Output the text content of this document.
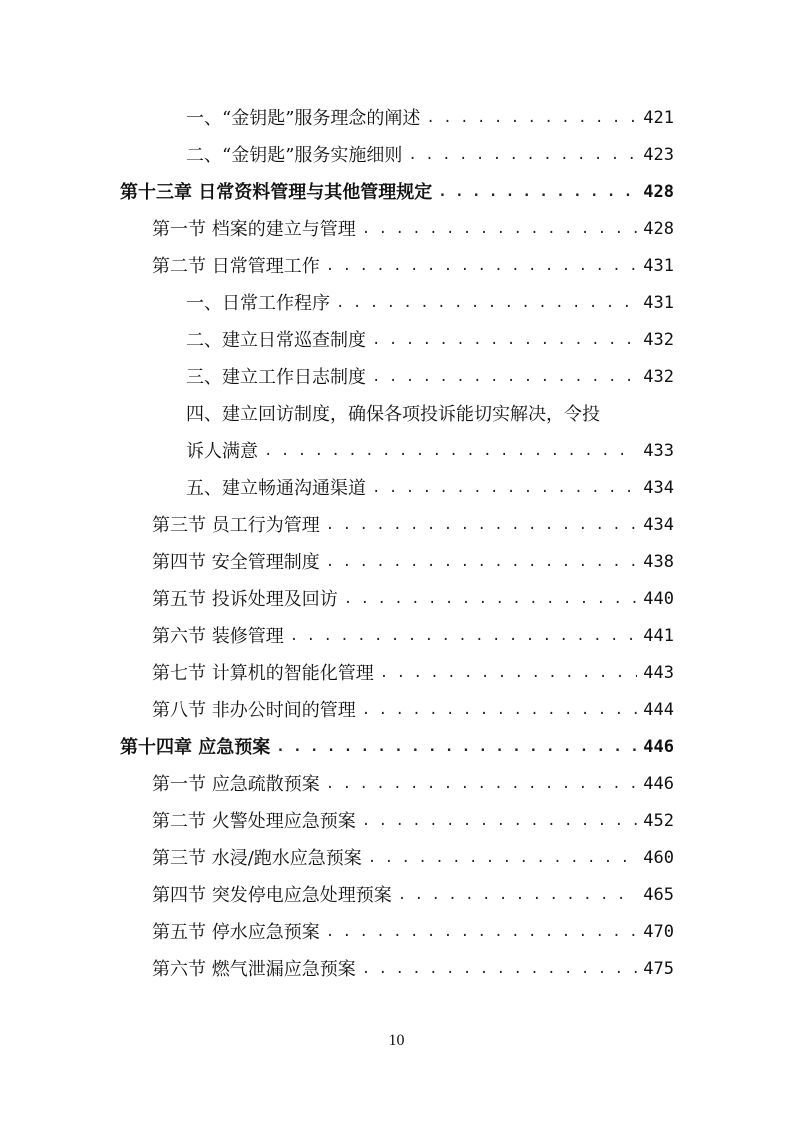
一、“金钥匙”服务理念的阐述 . . .	421
二、“金钥匙”服务实施细则 . . .	423
第十三章 日常资料管理与其他管理规定 . . .	428
第一节 档案的建立与管理 . . .	428
第二节 日常管理工作 . . .	431
一、日常工作程序 . . .	431
二、建立日常巡查制度 . . .	432
三、建立工作日志制度 . . .	432
四、建立回访制度，确保各项投诉能切实解决，令投
诉人满意 . . .	433
五、建立畅通沟通渠道 . . .	434
第三节 员工行为管理 . . .	434
第四节 安全管理制度 . . .	438
第五节 投诉处理及回访 . . .	440
第六节 装修管理 . . .	441
第七节 计算机的智能化管理 . . .	443
第八节 非办公时间的管理 . . .	444
第十四章 应急预案 . . .	446
第一节 应急疏散预案 . . .	446
第二节 火警处理应急预案 . . .	452
第三节 水浸/跑水应急预案 . . .	460
第四节 突发停电应急处理预案 . . .	465
第五节 停水应急预案 . . .	470
第六节 燃气泄漏应急预案 . . .	475
10
